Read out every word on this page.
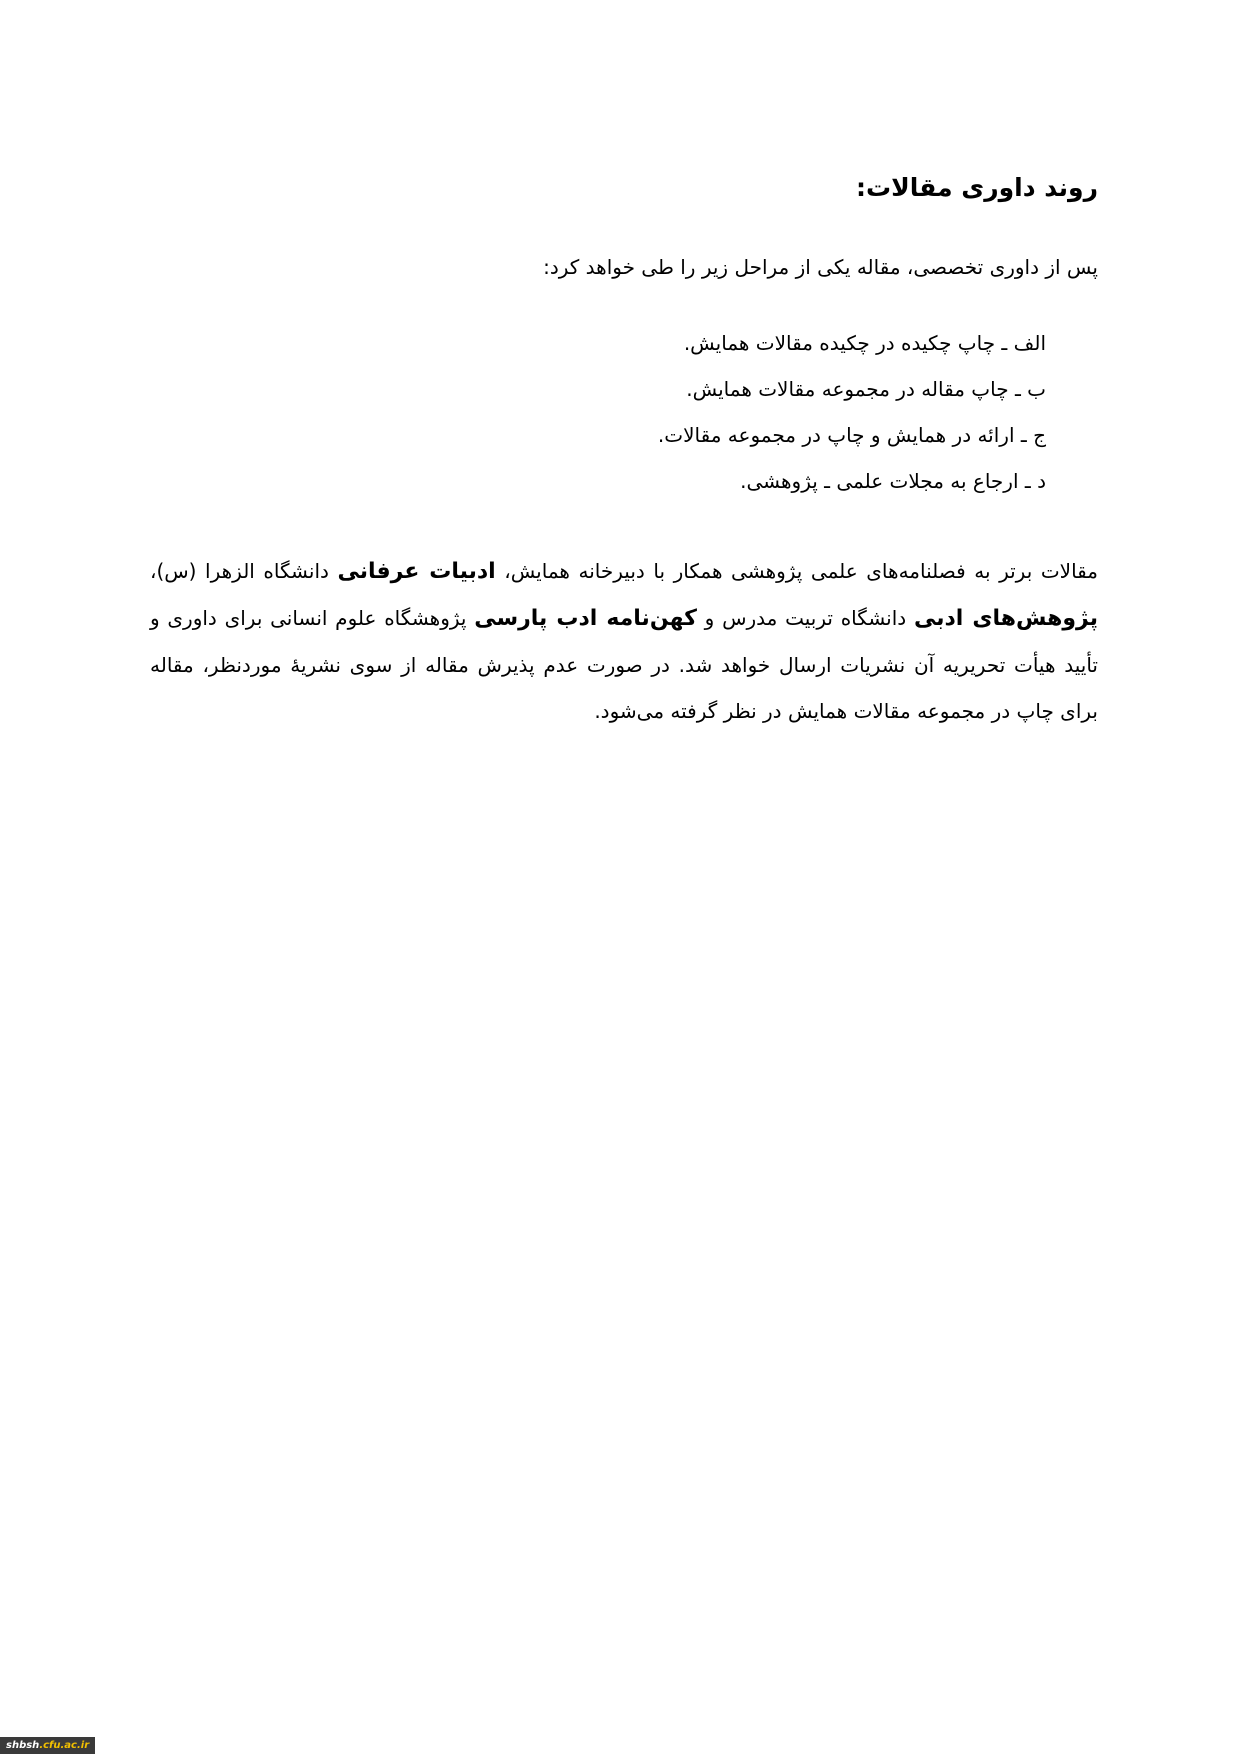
روند داوری مقالات:

پس از داوری تخصصی، مقاله یکی از مراحل زیر را طی خواهد کرد:

الف ـ چاپ چکیده در چکیده مقالات همایش.
ب ـ چاپ مقاله در مجموعه مقالات همایش.
ج ـ ارائه در همایش و چاپ در مجموعه مقالات.
د ـ ارجاع به مجلات علمی ـ پژوهشی.

مقالات برتر به فصلنامه‌های علمی پژوهشی همکار با دبیرخانه همایش، ادبیات عرفانی دانشگاه الزهرا (س)، پژوهش‌های ادبی دانشگاه تربیت مدرس و کهن‌نامه ادب پارسی پژوهشگاه علوم انسانی برای داوری و تأیید هیأت تحریریه آن نشریات ارسال خواهد شد. در صورت عدم پذیرش مقاله از سوی نشریهٔ موردنظر، مقاله برای چاپ در مجموعه مقالات همایش در نظر گرفته می‌شود.

shbsh.cfu.ac.ir
